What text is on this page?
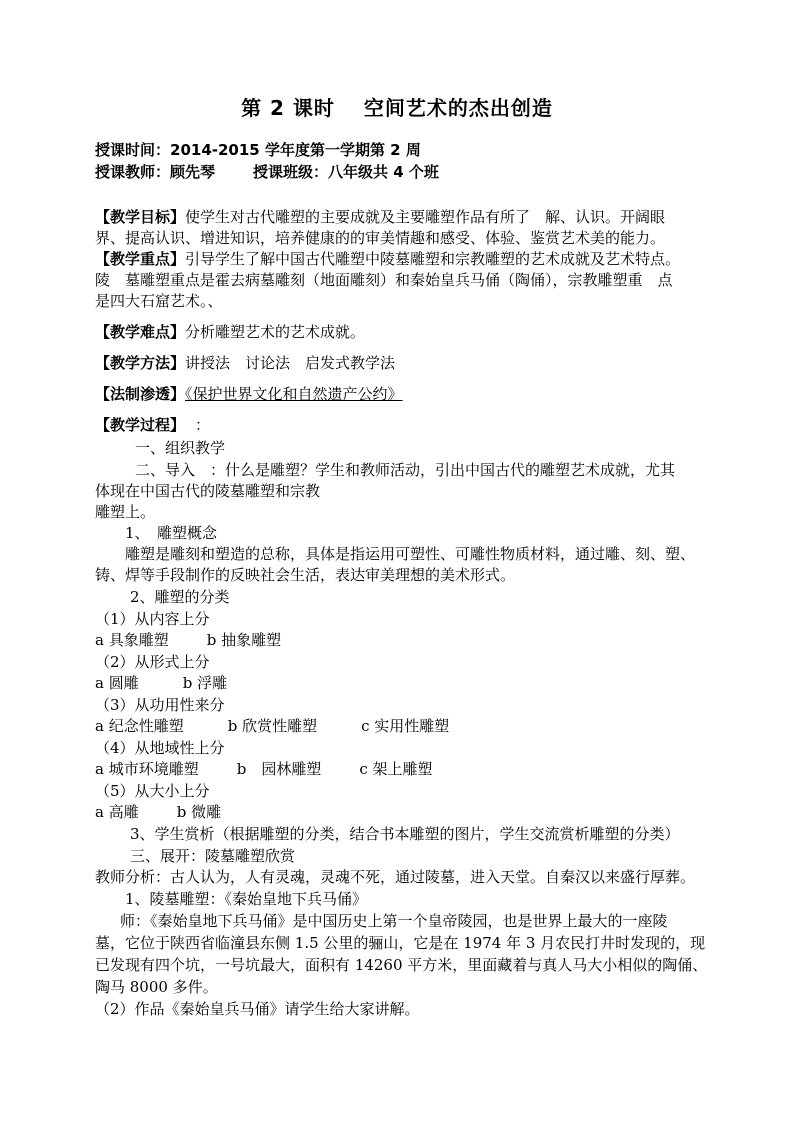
第 2 课时　 空间艺术的杰出创造
授课时间：2014-2015 学年度第一学期第 2 周
授课教师：顾先琴	授课班级：八年级共 4 个班
【教学目标】使学生对古代雕塑的主要成就及主要雕塑作品有所了　解、认识。开阔眼
界、提高认识、增进知识，培养健康的的审美情趣和感受、体验、鉴赏艺术美的能力。
【教学重点】引导学生了解中国古代雕塑中陵墓雕塑和宗教雕塑的艺术成就及艺术特点。
陵　墓雕塑重点是霍去病墓雕刻（地面雕刻）和秦始皇兵马俑（陶俑），宗教雕塑重　点
是四大石窟艺术。、
【教学难点】分析雕塑艺术的艺术成就。
【教学方法】讲授法　讨论法　启发式教学法
【法制渗透】《保护世界文化和自然遗产公约》
【教学过程】 ：
一、组织教学
二、导入　：什么是雕塑？学生和教师活动，引出中国古代的雕塑艺术成就，尤其
体现在中国古代的陵墓雕塑和宗教
雕塑上。
1、　雕塑概念
雕塑是雕刻和塑造的总称，具体是指运用可塑性、可雕性物质材料，通过雕、刻、塑、
铸、焊等手段制作的反映社会生活，表达审美理想的美术形式。
2、雕塑的分类
（1）从内容上分
a 具象雕塑	b 抽象雕塑
（2）从形式上分
a 圆雕	b 浮雕
（3）从功用性来分
a 纪念性雕塑	b 欣赏性雕塑	c 实用性雕塑
（4）从地域性上分
a 城市环境雕塑	b　园林雕塑	c 架上雕塑
（5）从大小上分
a 高雕	b 微雕
3、学生赏析（根据雕塑的分类，结合书本雕塑的图片，学生交流赏析雕塑的分类）
三、展开：陵墓雕塑欣赏
教师分析：古人认为，人有灵魂，灵魂不死，通过陵墓，进入天堂。自秦汉以来盛行厚葬。
1、陵墓雕塑：《秦始皇地下兵马俑》
师：《秦始皇地下兵马俑》是中国历史上第一个皇帝陵园，也是世界上最大的一座陵
墓，它位于陕西省临潼县东侧 1.5 公里的骊山，它是在 1974 年 3 月农民打井时发现的，现
已发现有四个坑，一号坑最大，面积有 14260 平方米，里面藏着与真人马大小相似的陶俑、
陶马 8000 多件。
（2）作品《秦始皇兵马俑》请学生给大家讲解。
